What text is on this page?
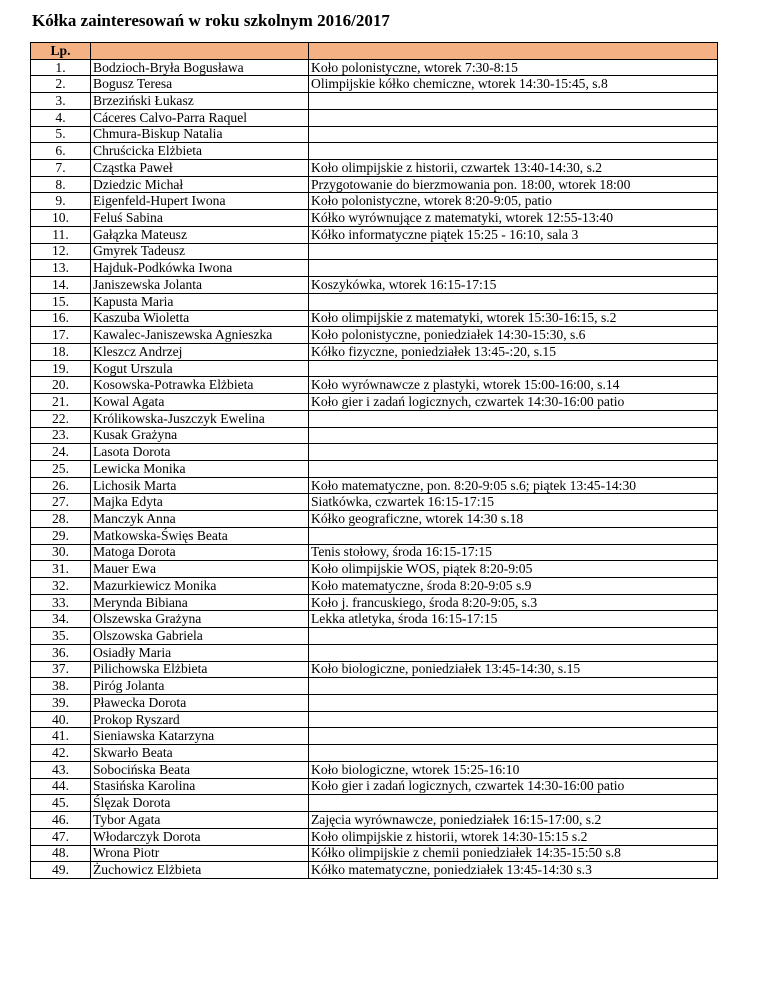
Kółka zainteresowań w roku szkolnym 2016/2017
Lp.		
1.	Bodzioch-Bryła Bogusława	Koło polonistyczne, wtorek 7:30-8:15
2.	Bogusz Teresa	Olimpijskie kółko chemiczne, wtorek 14:30-15:45, s.8
3.	Brzeziński Łukasz	
4.	Cáceres Calvo-Parra Raquel	
5.	Chmura-Biskup Natalia	
6.	Chruścicka Elżbieta	
7.	Cząstka Paweł	Koło olimpijskie z historii, czwartek 13:40-14:30, s.2
8.	Dziedzic Michał	Przygotowanie do bierzmowania pon. 18:00, wtorek 18:00
9.	Eigenfeld-Hupert Iwona	Koło polonistyczne, wtorek 8:20-9:05, patio
10.	Feluś Sabina	Kółko wyrównujące z matematyki, wtorek 12:55-13:40
11.	Gałązka Mateusz	Kółko informatyczne piątek 15:25 - 16:10, sala 3
12.	Gmyrek Tadeusz	
13.	Hajduk-Podkówka Iwona	
14.	Janiszewska Jolanta	Koszykówka, wtorek 16:15-17:15
15.	Kapusta Maria	
16.	Kaszuba Wioletta	Koło olimpijskie z matematyki, wtorek 15:30-16:15, s.2
17.	Kawalec-Janiszewska Agnieszka	Koło polonistyczne, poniedziałek 14:30-15:30, s.6
18.	Kleszcz Andrzej	Kółko fizyczne, poniedziałek 13:45-:20, s.15
19.	Kogut Urszula	
20.	Kosowska-Potrawka Elżbieta	Koło wyrównawcze z plastyki, wtorek 15:00-16:00, s.14
21.	Kowal Agata	Koło gier i zadań logicznych, czwartek 14:30-16:00 patio
22.	Królikowska-Juszczyk Ewelina	
23.	Kusak Grażyna	
24.	Lasota Dorota	
25.	Lewicka Monika	
26.	Lichosik Marta	Koło matematyczne, pon. 8:20-9:05 s.6; piątek 13:45-14:30
27.	Majka Edyta	Siatkówka, czwartek 16:15-17:15
28.	Manczyk Anna	Kółko geograficzne, wtorek 14:30 s.18
29.	Matkowska-Święs Beata	
30.	Matoga Dorota	Tenis stołowy, środa 16:15-17:15
31.	Mauer Ewa	Koło olimpijskie WOS, piątek 8:20-9:05
32.	Mazurkiewicz Monika	Koło matematyczne, środa 8:20-9:05 s.9
33.	Merynda Bibiana	Koło j. francuskiego, środa 8:20-9:05, s.3
34.	Olszewska Grażyna	Lekka atletyka, środa 16:15-17:15
35.	Olszowska Gabriela	
36.	Osiadły Maria	
37.	Pilichowska Elżbieta	Koło biologiczne, poniedziałek 13:45-14:30, s.15
38.	Piróg Jolanta	
39.	Pławecka Dorota	
40.	Prokop Ryszard	
41.	Sieniawska Katarzyna	
42.	Skwarło Beata	
43.	Sobocińska Beata	Koło biologiczne, wtorek 15:25-16:10
44.	Stasińska Karolina	Koło gier i zadań logicznych, czwartek 14:30-16:00 patio
45.	Ślęzak Dorota	
46.	Tybor Agata	Zajęcia wyrównawcze, poniedziałek 16:15-17:00, s.2
47.	Włodarczyk Dorota	Koło olimpijskie z historii, wtorek 14:30-15:15 s.2
48.	Wrona Piotr	Kółko olimpijskie z chemii poniedziałek 14:35-15:50 s.8
49.	Żuchowicz Elżbieta	Kółko matematyczne, poniedziałek 13:45-14:30 s.3
